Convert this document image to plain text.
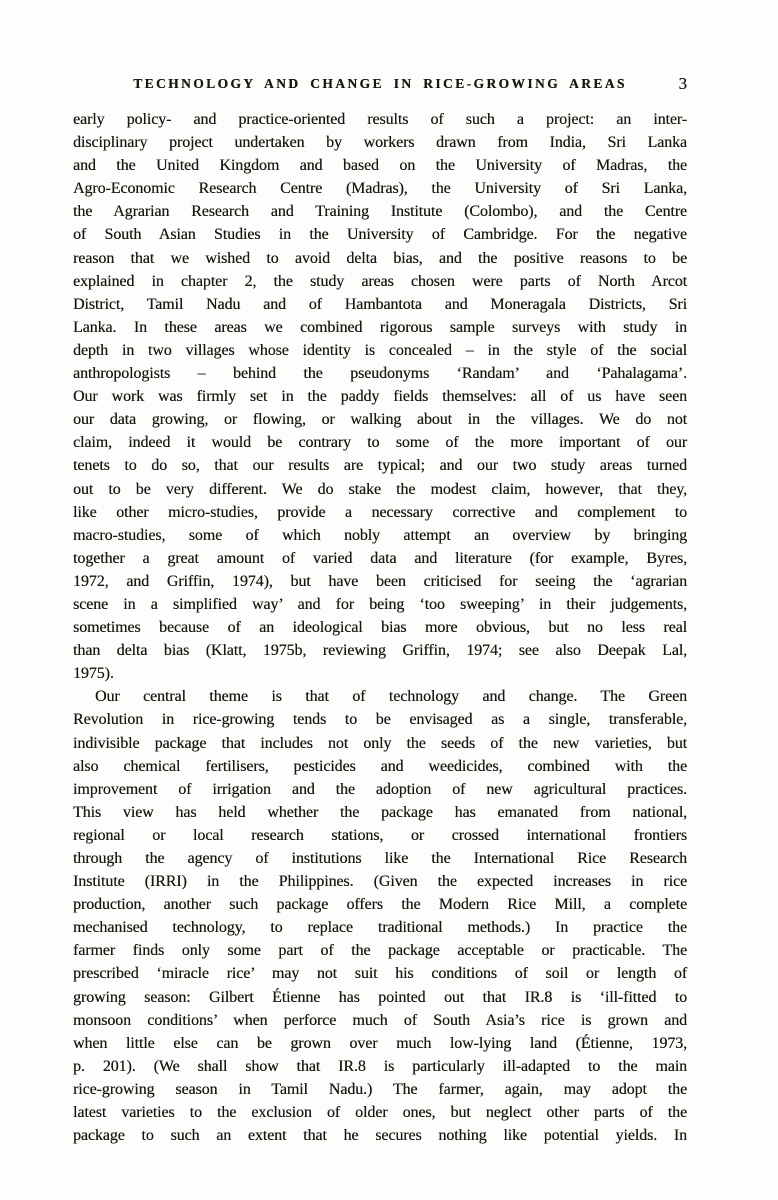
TECHNOLOGY AND CHANGE IN RICE-GROWING AREAS	3
early policy- and practice-oriented results of such a project: an inter-
disciplinary project undertaken by workers drawn from India, Sri Lanka
and the United Kingdom and based on the University of Madras, the
Agro-Economic Research Centre (Madras), the University of Sri Lanka,
the Agrarian Research and Training Institute (Colombo), and the Centre
of South Asian Studies in the University of Cambridge. For the negative
reason that we wished to avoid delta bias, and the positive reasons to be
explained in chapter 2, the study areas chosen were parts of North Arcot
District, Tamil Nadu and of Hambantota and Moneragala Districts, Sri
Lanka. In these areas we combined rigorous sample surveys with study in
depth in two villages whose identity is concealed – in the style of the social
anthropologists – behind the pseudonyms ‘Randam’ and ‘Pahalagama’.
Our work was firmly set in the paddy fields themselves: all of us have seen
our data growing, or flowing, or walking about in the villages. We do not
claim, indeed it would be contrary to some of the more important of our
tenets to do so, that our results are typical; and our two study areas turned
out to be very different. We do stake the modest claim, however, that they,
like other micro-studies, provide a necessary corrective and complement to
macro-studies, some of which nobly attempt an overview by bringing
together a great amount of varied data and literature (for example, Byres,
1972, and Griffin, 1974), but have been criticised for seeing the ‘agrarian
scene in a simplified way’ and for being ‘too sweeping’ in their judgements,
sometimes because of an ideological bias more obvious, but no less real
than delta bias (Klatt, 1975b, reviewing Griffin, 1974; see also Deepak Lal,
1975).
Our central theme is that of technology and change. The Green
Revolution in rice-growing tends to be envisaged as a single, transferable,
indivisible package that includes not only the seeds of the new varieties, but
also chemical fertilisers, pesticides and weedicides, combined with the
improvement of irrigation and the adoption of new agricultural practices.
This view has held whether the package has emanated from national,
regional or local research stations, or crossed international frontiers
through the agency of institutions like the International Rice Research
Institute (IRRI) in the Philippines. (Given the expected increases in rice
production, another such package offers the Modern Rice Mill, a complete
mechanised technology, to replace traditional methods.) In practice the
farmer finds only some part of the package acceptable or practicable. The
prescribed ‘miracle rice’ may not suit his conditions of soil or length of
growing season: Gilbert Étienne has pointed out that IR.8 is ‘ill-fitted to
monsoon conditions’ when perforce much of South Asia’s rice is grown and
when little else can be grown over much low-lying land (Étienne, 1973,
p. 201). (We shall show that IR.8 is particularly ill-adapted to the main
rice-growing season in Tamil Nadu.) The farmer, again, may adopt the
latest varieties to the exclusion of older ones, but neglect other parts of the
package to such an extent that he secures nothing like potential yields. In
